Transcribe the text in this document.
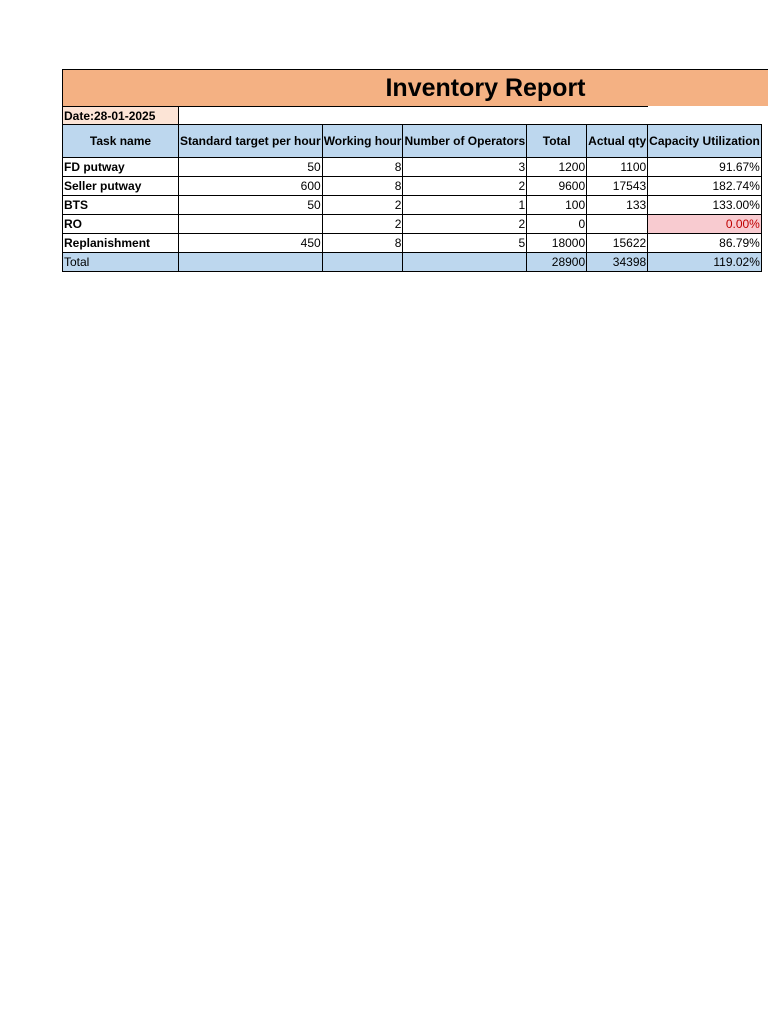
Inventory Report
Date:28-01-2025						
Task name	Standard target per hour	Working hour	Number of Operators	Total	Actual qty	Capacity Utilization
FD putway	50	8	3	1200	1100	91.67%
Seller putway	600	8	2	9600	17543	182.74%
BTS	50	2	1	100	133	133.00%
RO		2	2	0		0.00%
Replanishment	450	8	5	18000	15622	86.79%
Total				28900	34398	119.02%
